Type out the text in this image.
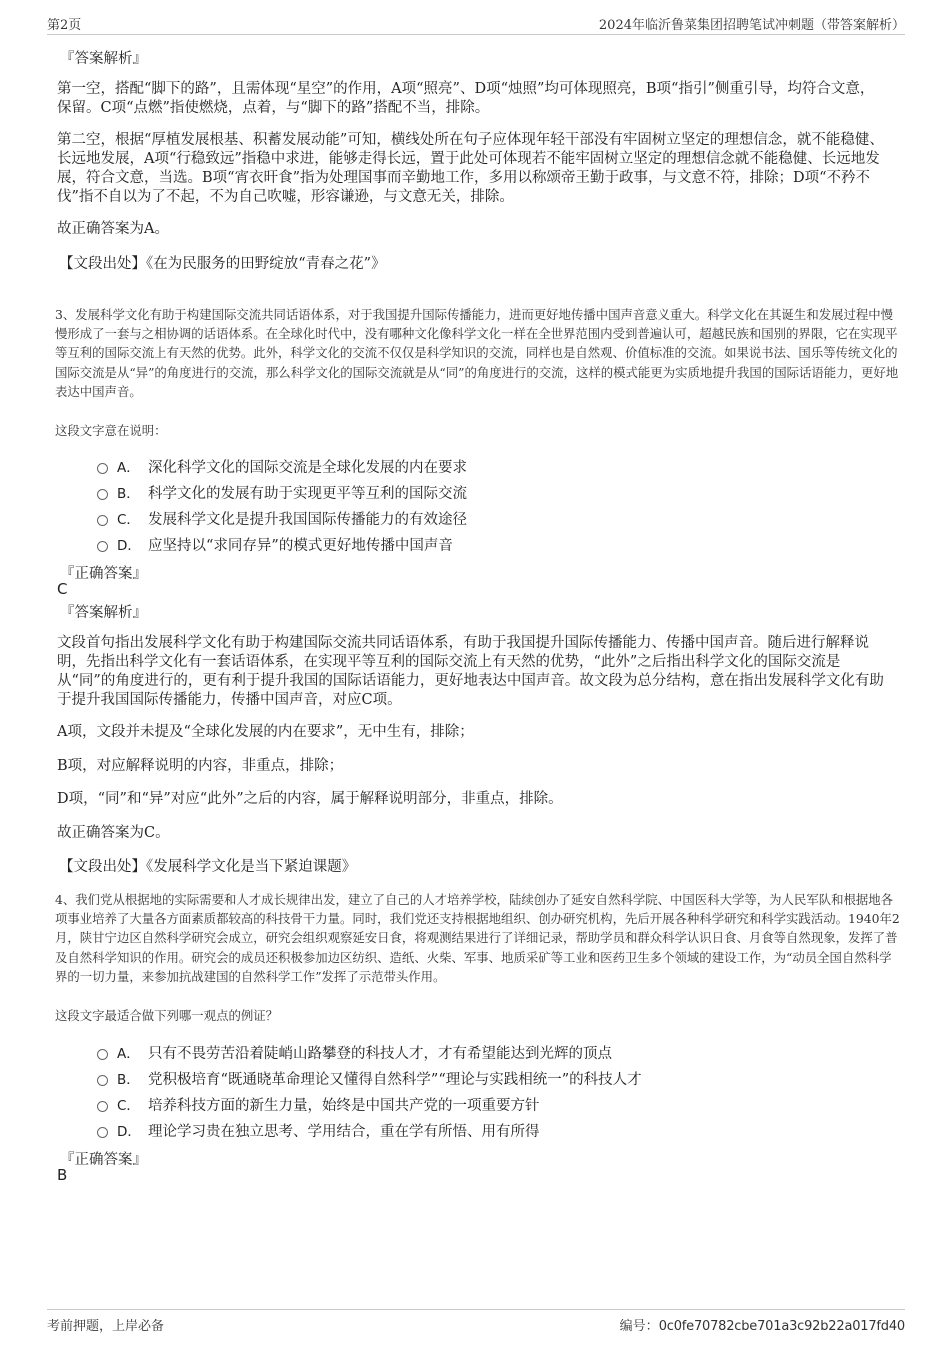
第2页	2024年临沂鲁菜集团招聘笔试冲刺题（带答案解析）
『答案解析』
第一空，搭配“脚下的路”，且需体现“星空”的作用，A项“照亮”、D项“烛照”均可体现照亮，B项“指引”侧重引导，均符合文意，保留。C项“点燃”指使燃烧，点着，与“脚下的路”搭配不当，排除。
第二空，根据“厚植发展根基、积蓄发展动能”可知，横线处所在句子应体现年轻干部没有牢固树立坚定的理想信念，就不能稳健、长远地发展，A项“行稳致远”指稳中求进，能够走得长远，置于此处可体现若不能牢固树立坚定的理想信念就不能稳健、长远地发展，符合文意，当选。B项“宵衣旰食”指为处理国事而辛勤地工作，多用以称颂帝王勤于政事，与文意不符，排除；D项“不矜不伐”指不自以为了不起，不为自己吹嘘，形容谦逊，与文意无关，排除。
故正确答案为A。
【文段出处】《在为民服务的田野绽放“青春之花”》
3、发展科学文化有助于构建国际交流共同话语体系，对于我国提升国际传播能力，进而更好地传播中国声音意义重大。科学文化在其诞生和发展过程中慢慢形成了一套与之相协调的话语体系。在全球化时代中，没有哪种文化像科学文化一样在全世界范围内受到普遍认可，超越民族和国别的界限，它在实现平等互利的国际交流上有天然的优势。此外，科学文化的交流不仅仅是科学知识的交流，同样也是自然观、价值标准的交流。如果说书法、国乐等传统文化的国际交流是从“异”的角度进行的交流，那么科学文化的国际交流就是从“同”的角度进行的交流，这样的模式能更为实质地提升我国的国际话语能力，更好地表达中国声音。
这段文字意在说明：
A． 深化科学文化的国际交流是全球化发展的内在要求
B． 科学文化的发展有助于实现更平等互利的国际交流
C． 发展科学文化是提升我国国际传播能力的有效途径
D． 应坚持以“求同存异”的模式更好地传播中国声音
『正确答案』
C
『答案解析』
文段首句指出发展科学文化有助于构建国际交流共同话语体系，有助于我国提升国际传播能力、传播中国声音。随后进行解释说明，先指出科学文化有一套话语体系，在实现平等互利的国际交流上有天然的优势，“此外”之后指出科学文化的国际交流是从“同”的角度进行的，更有利于提升我国的国际话语能力，更好地表达中国声音。故文段为总分结构，意在指出发展科学文化有助于提升我国国际传播能力，传播中国声音，对应C项。
A项，文段并未提及“全球化发展的内在要求”，无中生有，排除；
B项，对应解释说明的内容，非重点，排除；
D项，“同”和“异”对应“此外”之后的内容，属于解释说明部分，非重点，排除。
故正确答案为C。
【文段出处】《发展科学文化是当下紧迫课题》
4、我们党从根据地的实际需要和人才成长规律出发，建立了自己的人才培养学校，陆续创办了延安自然科学院、中国医科大学等，为人民军队和根据地各项事业培养了大量各方面素质都较高的科技骨干力量。同时，我们党还支持根据地组织、创办研究机构，先后开展各种科学研究和科学实践活动。1940年2月，陕甘宁边区自然科学研究会成立，研究会组织观察延安日食，将观测结果进行了详细记录，帮助学员和群众科学认识日食、月食等自然现象，发挥了普及自然科学知识的作用。研究会的成员还积极参加边区纺织、造纸、火柴、军事、地质采矿等工业和医药卫生多个领域的建设工作，为“动员全国自然科学界的一切力量，来参加抗战建国的自然科学工作”发挥了示范带头作用。
这段文字最适合做下列哪一观点的例证？
A． 只有不畏劳苦沿着陡峭山路攀登的科技人才，才有希望能达到光辉的顶点
B． 党积极培育“既通晓革命理论又懂得自然科学”“理论与实践相统一”的科技人才
C． 培养科技方面的新生力量，始终是中国共产党的一项重要方针
D． 理论学习贵在独立思考、学用结合，重在学有所悟、用有所得
『正确答案』
B
考前押题，上岸必备	编号：0c0fe70782cbe701a3c92b22a017fd40
